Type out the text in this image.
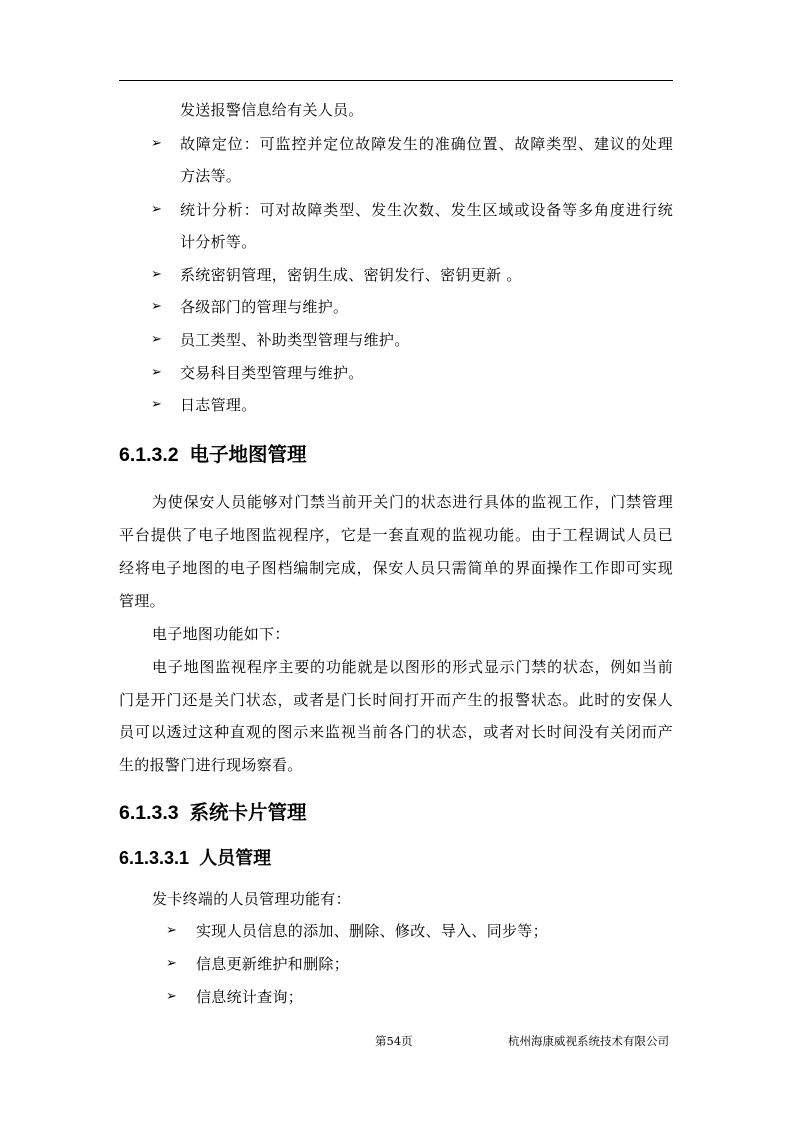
发送报警信息给有关人员。
➢ 故障定位：可监控并定位故障发生的准确位置、故障类型、建议的处理
方法等。
➢ 统计分析：可对故障类型、发生次数、发生区域或设备等多角度进行统
计分析等。
➢ 系统密钥管理，密钥生成、密钥发行、密钥更新 。
➢ 各级部门的管理与维护。
➢ 员工类型、补助类型管理与维护。
➢ 交易科目类型管理与维护。
➢ 日志管理。
6.1.3.2 电子地图管理
为使保安人员能够对门禁当前开关门的状态进行具体的监视工作，门禁管理
平台提供了电子地图监视程序，它是一套直观的监视功能。由于工程调试人员已
经将电子地图的电子图档编制完成，保安人员只需简单的界面操作工作即可实现
管理。
电子地图功能如下：
电子地图监视程序主要的功能就是以图形的形式显示门禁的状态，例如当前
门是开门还是关门状态，或者是门长时间打开而产生的报警状态。此时的安保人
员可以透过这种直观的图示来监视当前各门的状态，或者对长时间没有关闭而产
生的报警门进行现场察看。
6.1.3.3 系统卡片管理
6.1.3.3.1 人员管理
发卡终端的人员管理功能有：
➢ 实现人员信息的添加、删除、修改、导入、同步等；
➢ 信息更新维护和删除；
➢ 信息统计查询；
第54页	杭州海康威视系统技术有限公司
